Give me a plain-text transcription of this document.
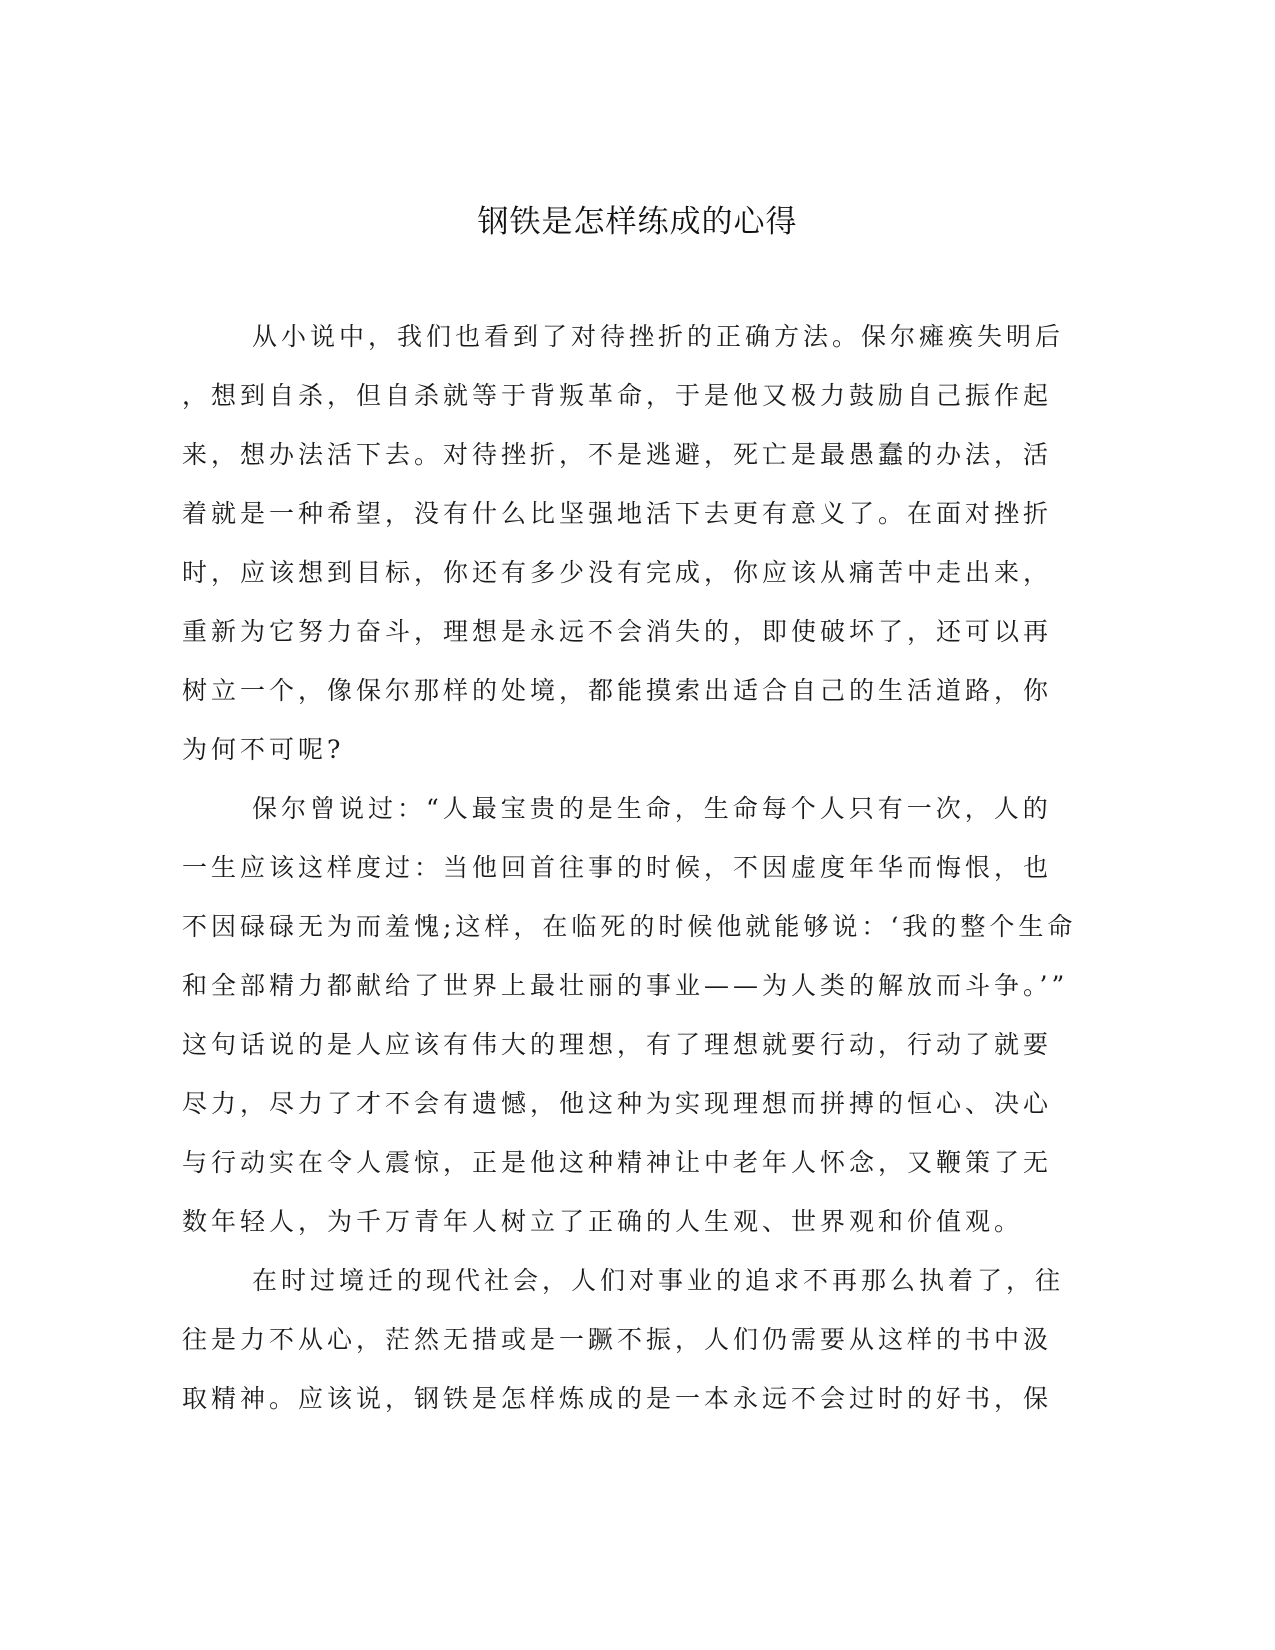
钢铁是怎样练成的心得
从小说中，我们也看到了对待挫折的正确方法。保尔瘫痪失明后
，想到自杀，但自杀就等于背叛革命，于是他又极力鼓励自己振作起
来，想办法活下去。对待挫折，不是逃避，死亡是最愚蠢的办法，活
着就是一种希望，没有什么比坚强地活下去更有意义了。在面对挫折
时，应该想到目标，你还有多少没有完成，你应该从痛苦中走出来，
重新为它努力奋斗，理想是永远不会消失的，即使破坏了，还可以再
树立一个，像保尔那样的处境，都能摸索出适合自己的生活道路，你
为何不可呢?
保尔曾说过：“人最宝贵的是生命，生命每个人只有一次，人的
一生应该这样度过：当他回首往事的时候，不因虚度年华而悔恨，也
不因碌碌无为而羞愧;这样，在临死的时候他就能够说：‘我的整个生命
和全部精力都献给了世界上最壮丽的事业——为人类的解放而斗争。’”
这句话说的是人应该有伟大的理想，有了理想就要行动，行动了就要
尽力，尽力了才不会有遗憾，他这种为实现理想而拼搏的恒心、决心
与行动实在令人震惊，正是他这种精神让中老年人怀念，又鞭策了无
数年轻人，为千万青年人树立了正确的人生观、世界观和价值观。
在时过境迁的现代社会，人们对事业的追求不再那么执着了，往
往是力不从心，茫然无措或是一蹶不振，人们仍需要从这样的书中汲
取精神。应该说，钢铁是怎样炼成的是一本永远不会过时的好书，保
